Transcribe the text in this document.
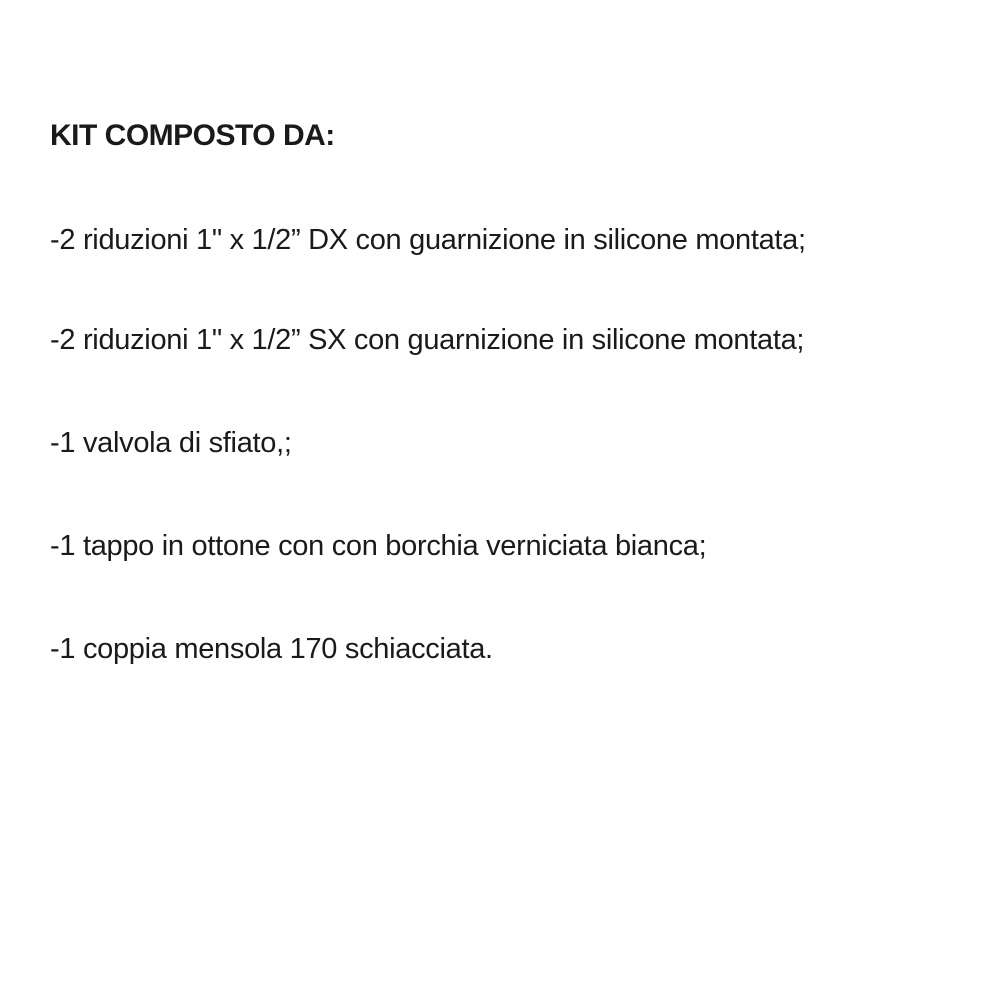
KIT COMPOSTO DA:
-2 riduzioni 1" x 1/2” DX con guarnizione in silicone montata;
-2 riduzioni 1" x 1/2” SX con guarnizione in silicone montata;
-1 valvola di sfiato,;
-1 tappo in ottone con con borchia verniciata bianca;
-1 coppia mensola 170 schiacciata.
